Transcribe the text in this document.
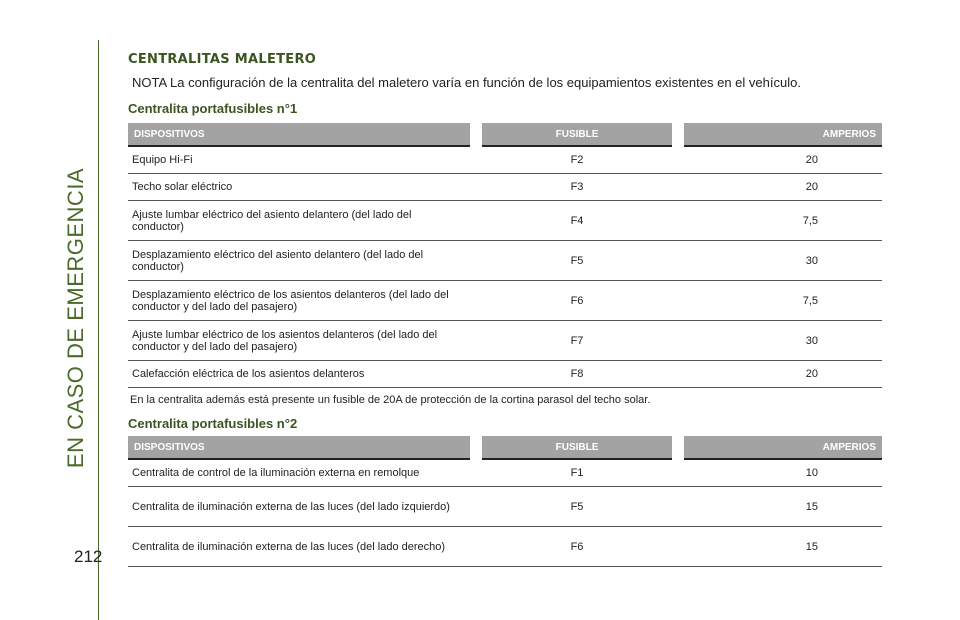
EN CASO DE EMERGENCIA
212
CENTRALITAS MALETERO
NOTA La configuración de la centralita del maletero varía en función de los equipamientos existentes en el vehículo.
Centralita portafusibles n°1
DISPOSITIVOS		FUSIBLE		AMPERIOS
Equipo Hi-Fi		F2		20
Techo solar eléctrico		F3		20
Ajuste lumbar eléctrico del asiento delantero (del lado del conductor)		F4		7,5
Desplazamiento eléctrico del asiento delantero (del lado del conductor)		F5		30
Desplazamiento eléctrico de los asientos delanteros (del lado del conductor y del lado del pasajero)		F6		7,5
Ajuste lumbar eléctrico de los asientos delanteros (del lado del conductor y del lado del pasajero)		F7		30
Calefacción eléctrica de los asientos delanteros		F8		20
En la centralita además está presente un fusible de 20A de protección de la cortina parasol del techo solar.
Centralita portafusibles n°2
DISPOSITIVOS		FUSIBLE		AMPERIOS
Centralita de control de la iluminación externa en remolque		F1		10
Centralita de iluminación externa de las luces (del lado izquierdo)		F5		15
Centralita de iluminación externa de las luces (del lado derecho)		F6		15
